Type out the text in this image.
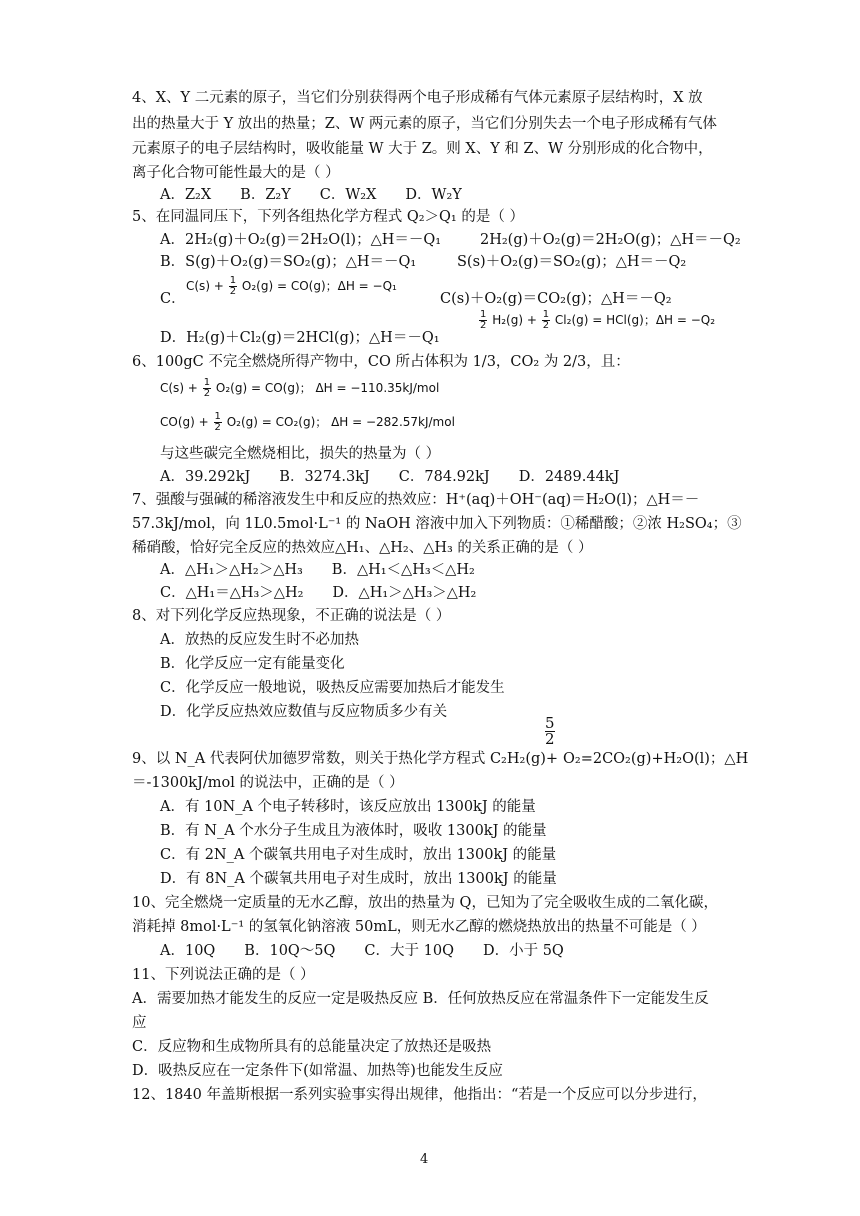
4、X、Y 二元素的原子，当它们分别获得两个电子形成稀有气体元素原子层结构时，X 放
出的热量大于 Y 放出的热量；Z、W 两元素的原子，当它们分别失去一个电子形成稀有气体
元素原子的电子层结构时，吸收能量 W 大于 Z。则 X、Y 和 Z、W 分别形成的化合物中，
离子化合物可能性最大的是（ ）
A．Z₂X　　B．Z₂Y　　C．W₂X　　D．W₂Y
5、在同温同压下，下列各组热化学方程式 Q₂＞Q₁ 的是（ ）
A．2H₂(g)＋O₂(g)＝2H₂O(l)；△H＝－Q₁	2H₂(g)＋O₂(g)＝2H₂O(g)；△H＝－Q₂
B．S(g)＋O₂(g)＝SO₂(g)；△H＝－Q₁	S(s)＋O₂(g)＝SO₂(g)；△H＝－Q₂
$C(s) + \frac{1}{2} O_2(g) = CO(g)$；ΔH = −Q₁
C．	C(s)＋O₂(g)＝CO₂(g)；△H＝－Q₂
D．H₂(g)＋Cl₂(g)＝2HCl(g)；△H＝－Q₁
$\frac{1}{2} H_2(g) + \frac{1}{2} Cl_2(g) = HCl(g)$；ΔH = −Q₂
6、100gC 不完全燃烧所得产物中，CO 所占体积为 1/3，CO₂ 为 2/3，且：
$C(s) + \frac{1}{2} O_2(g) = CO(g)$； ΔH = −110.35kJ/mol
$CO(g) + \frac{1}{2} O_2(g) = CO_2(g)$； ΔH = −282.57kJ/mol
与这些碳完全燃烧相比，损失的热量为（ ）
A．39.292kJ　　B．3274.3kJ　　C．784.92kJ　　D．2489.44kJ
7、强酸与强碱的稀溶液发生中和反应的热效应：H⁺(aq)＋OH⁻(aq)＝H₂O(l)；△H＝－
57.3kJ/mol，向 1L0.5mol·L⁻¹ 的 NaOH 溶液中加入下列物质：①稀醋酸；②浓 H₂SO₄；③
稀硝酸，恰好完全反应的热效应△H₁、△H₂、△H₃ 的关系正确的是（ ）
A．△H₁＞△H₂＞△H₃　　B．△H₁＜△H₃＜△H₂
C．△H₁＝△H₃＞△H₂　　D．△H₁＞△H₃＞△H₂
8、对下列化学反应热现象，不正确的说法是（ ）
A．放热的反应发生时不必加热
B．化学反应一定有能量变化
C．化学反应一般地说，吸热反应需要加热后才能发生
D．化学反应热效应数值与反应物质多少有关
$\frac{5}{2}$
9、以 N_A 代表阿伏加德罗常数，则关于热化学方程式 C₂H₂(g)+ O₂=2CO₂(g)+H₂O(l)；△H
＝-1300kJ/mol 的说法中，正确的是（ ）
A．有 10N_A 个电子转移时，该反应放出 1300kJ 的能量
B．有 N_A 个水分子生成且为液体时，吸收 1300kJ 的能量
C．有 2N_A 个碳氧共用电子对生成时，放出 1300kJ 的能量
D．有 8N_A 个碳氧共用电子对生成时，放出 1300kJ 的能量
10、完全燃烧一定质量的无水乙醇，放出的热量为 Q，已知为了完全吸收生成的二氧化碳，
消耗掉 8mol·L⁻¹ 的氢氧化钠溶液 50mL，则无水乙醇的燃烧热放出的热量不可能是（ ）
A．10Q　　B．10Q～5Q　　C．大于 10Q　　D．小于 5Q
11、下列说法正确的是（ ）
A．需要加热才能发生的反应一定是吸热反应 B．任何放热反应在常温条件下一定能发生反
应
C．反应物和生成物所具有的总能量决定了放热还是吸热
D．吸热反应在一定条件下(如常温、加热等)也能发生反应
12、1840 年盖斯根据一系列实验事实得出规律，他指出：“若是一个反应可以分步进行，
4
